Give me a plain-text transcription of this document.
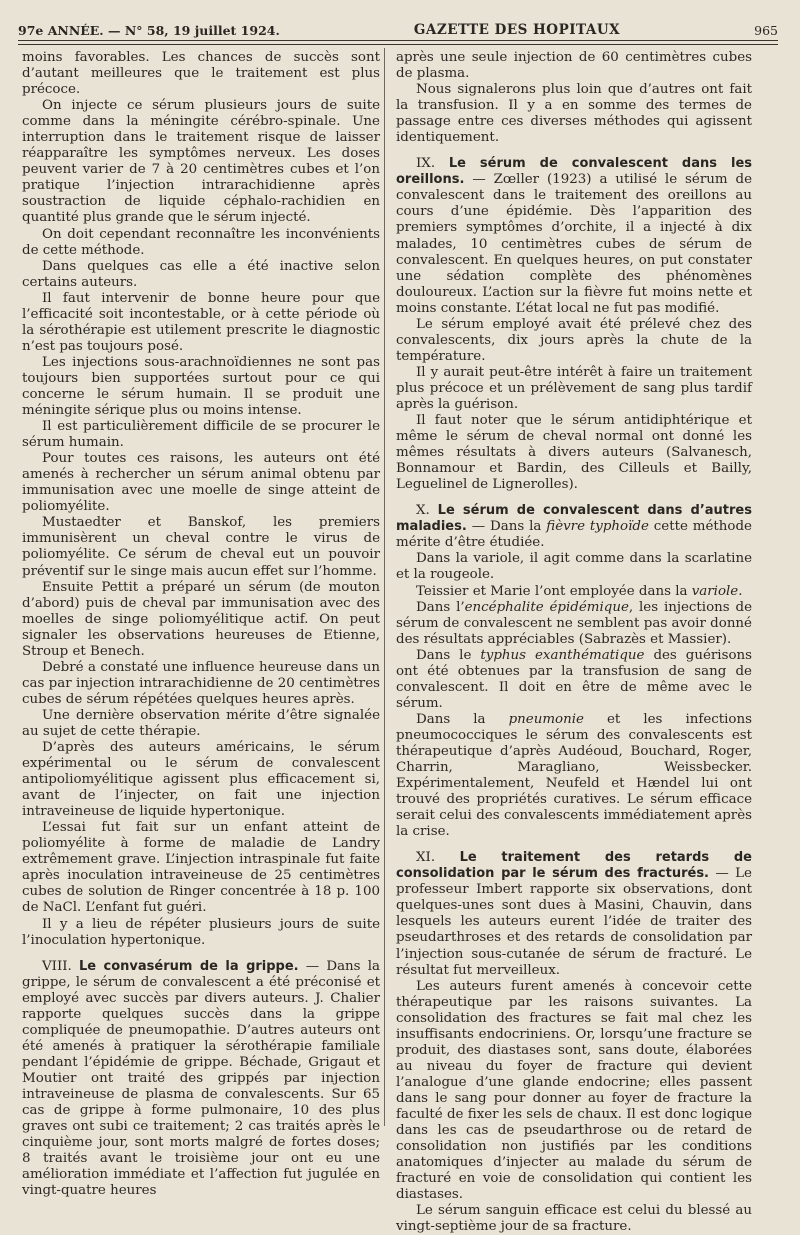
97e ANNÉE. — N° 58, 19 juillet 1924.	GAZETTE DES HOPITAUX	965

moins favorables. Les chances de succès sont d’autant meilleures que le traitement est plus précoce.

On injecte ce sérum plusieurs jours de suite comme dans la méningite cérébro-spinale. Une interruption dans le traitement risque de laisser réapparaître les symptômes nerveux. Les doses peuvent varier de 7 à 20 centimètres cubes et l’on pratique l’injection intrarachidienne après soustraction de liquide céphalo-rachidien en quantité plus grande que le sérum injecté.

On doit cependant reconnaître les inconvénients de cette méthode.

Dans quelques cas elle a été inactive selon certains auteurs.

Il faut intervenir de bonne heure pour que l’efficacité soit incontestable, or à cette période où la sérothérapie est utilement prescrite le diagnostic n’est pas toujours posé.

Les injections sous-arachnoïdiennes ne sont pas toujours bien supportées surtout pour ce qui concerne le sérum humain. Il se produit une méningite sérique plus ou moins intense.

Il est particulièrement difficile de se procurer le sérum humain.

Pour toutes ces raisons, les auteurs ont été amenés à rechercher un sérum animal obtenu par immunisation avec une moelle de singe atteint de poliomyélite.

Mustaedter et Banskof, les premiers immunisèrent un cheval contre le virus de poliomyélite. Ce sérum de cheval eut un pouvoir préventif sur le singe mais aucun effet sur l’homme.

Ensuite Pettit a préparé un sérum (de mouton d’abord) puis de cheval par immunisation avec des moelles de singe poliomyélitique actif. On peut signaler les observations heureuses de Etienne, Stroup et Benech.

Debré a constaté une influence heureuse dans un cas par injection intrarachidienne de 20 centimètres cubes de sérum répétées quelques heures après.

Une dernière observation mérite d’être signalée au sujet de cette thérapie.

D’après des auteurs américains, le sérum expérimental ou le sérum de convalescent antipoliomyélitique agissent plus efficacement si, avant de l’injecter, on fait une injection intraveineuse de liquide hypertonique.

L’essai fut fait sur un enfant atteint de poliomyélite à forme de maladie de Landry extrêmement grave. L’injection intraspinale fut faite après inoculation intraveineuse de 25 centimètres cubes de solution de Ringer concentrée à 18 p. 100 de NaCl. L’enfant fut guéri.

Il y a lieu de répéter plusieurs jours de suite l’inoculation hypertonique.

VIII. Le convasérum de la grippe. — Dans la grippe, le sérum de convalescent a été préconisé et employé avec succès par divers auteurs. J. Chalier rapporte quelques succès dans la grippe compliquée de pneumopathie. D’autres auteurs ont été amenés à pratiquer la sérothérapie familiale pendant l’épidémie de grippe. Béchade, Grigaut et Moutier ont traité des grippés par injection intraveineuse de plasma de convalescents. Sur 65 cas de grippe à forme pulmonaire, 10 des plus graves ont subi ce traitement; 2 cas traités après le cinquième jour, sont morts malgré de fortes doses; 8 traités avant le troisième jour ont eu une amélioration immédiate et l’affection fut jugulée en vingt-quatre heures

après une seule injection de 60 centimètres cubes de plasma.

Nous signalerons plus loin que d’autres ont fait la transfusion. Il y a en somme des termes de passage entre ces diverses méthodes qui agissent identiquement.

IX. Le sérum de convalescent dans les oreillons. — Zœller (1923) a utilisé le sérum de convalescent dans le traitement des oreillons au cours d’une épidémie. Dès l’apparition des premiers symptômes d’orchite, il a injecté à dix malades, 10 centimètres cubes de sérum de convalescent. En quelques heures, on put constater une sédation complète des phénomènes douloureux. L’action sur la fièvre fut moins nette et moins constante. L’état local ne fut pas modifié.

Le sérum employé avait été prélevé chez des convalescents, dix jours après la chute de la température.

Il y aurait peut-être intérêt à faire un traitement plus précoce et un prélèvement de sang plus tardif après la guérison.

Il faut noter que le sérum antidiphtérique et même le sérum de cheval normal ont donné les mêmes résultats à divers auteurs (Salvanesch, Bonnamour et Bardin, des Cilleuls et Bailly, Leguelinel de Lignerolles).

X. Le sérum de convalescent dans d’autres maladies. — Dans la fièvre typhoïde cette méthode mérite d’être étudiée.

Dans la variole, il agit comme dans la scarlatine et la rougeole.

Teissier et Marie l’ont employée dans la variole.

Dans l’encéphalite épidémique, les injections de sérum de convalescent ne semblent pas avoir donné des résultats appréciables (Sabrazès et Massier).

Dans le typhus exanthématique des guérisons ont été obtenues par la transfusion de sang de convalescent. Il doit en être de même avec le sérum.

Dans la pneumonie et les infections pneumococciques le sérum des convalescents est thérapeutique d’après Audéoud, Bouchard, Roger, Charrin, Maragliano, Weissbecker. Expérimentalement, Neufeld et Hændel lui ont trouvé des propriétés curatives. Le sérum efficace serait celui des convalescents immédiatement après la crise.

XI. Le traitement des retards de consolidation par le sérum des fracturés. — Le professeur Imbert rapporte six observations, dont quelques-unes sont dues à Masini, Chauvin, dans lesquels les auteurs eurent l’idée de traiter des pseudarthroses et des retards de consolidation par l’injection sous-cutanée de sérum de fracturé. Le résultat fut merveilleux.

Les auteurs furent amenés à concevoir cette thérapeutique par les raisons suivantes. La consolidation des fractures se fait mal chez les insuffisants endocriniens. Or, lorsqu’une fracture se produit, des diastases sont, sans doute, élaborées au niveau du foyer de fracture qui devient l’analogue d’une glande endocrine; elles passent dans le sang pour donner au foyer de fracture la faculté de fixer les sels de chaux. Il est donc logique dans les cas de pseudarthrose ou de retard de consolidation non justifiés par les conditions anatomiques d’injecter au malade du sérum de fracturé en voie de consolidation qui contient les diastases.

Le sérum sanguin efficace est celui du blessé au vingt-septième jour de sa fracture.
